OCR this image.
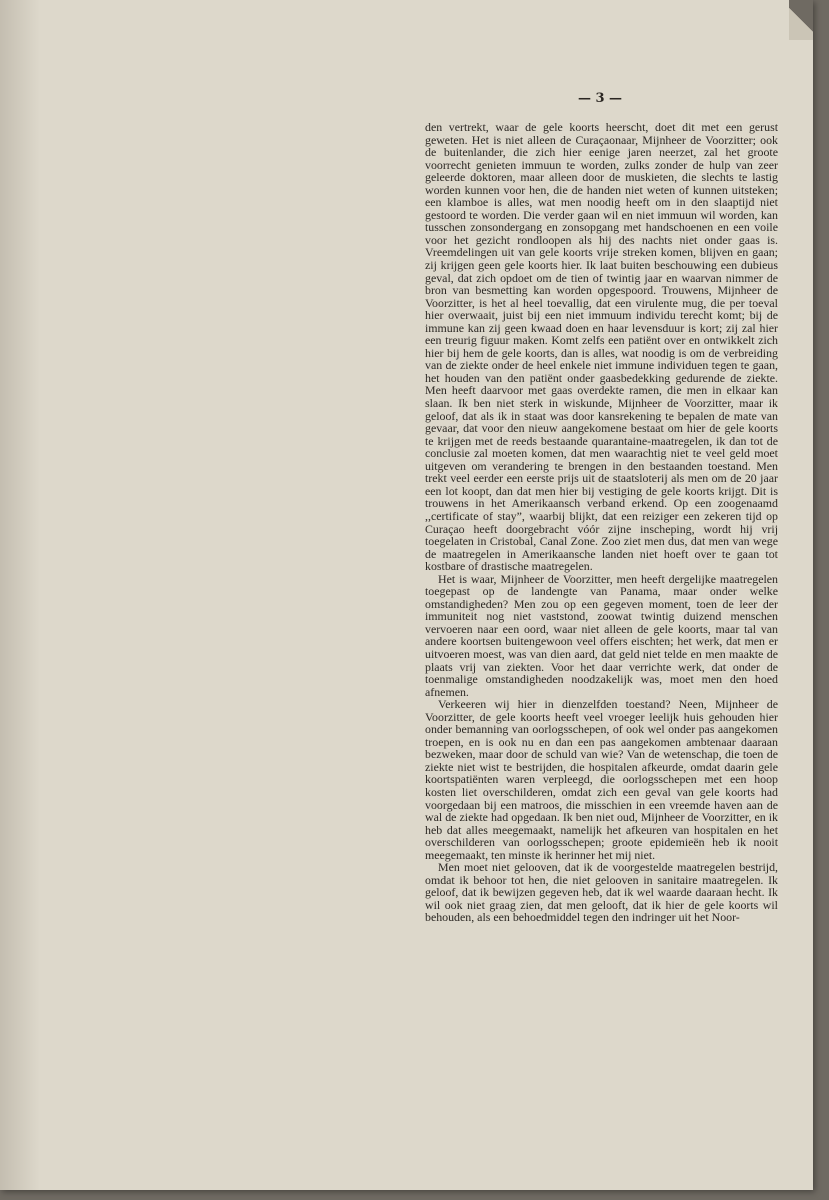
— 3 —

den vertrekt, waar de gele koorts heerscht, doet dit met een gerust geweten. Het is niet alleen de Curaçaonaar, Mijnheer de Voorzitter; ook de buitenlander, die zich hier eenige jaren neerzet, zal het groote voorrecht genieten immuun te worden, zulks zonder de hulp van zeer geleerde doktoren, maar alleen door de muskieten, die slechts te lastig worden kunnen voor hen, die de handen niet weten of kunnen uitsteken; een klamboe is alles, wat men noodig heeft om in den slaaptijd niet gestoord te worden. Die verder gaan wil en niet immuun wil worden, kan tusschen zonsondergang en zonsopgang met handschoenen en een voile voor het gezicht rondloopen als hij des nachts niet onder gaas is. Vreemdelingen uit van gele koorts vrije streken komen, blijven en gaan; zij krijgen geen gele koorts hier. Ik laat buiten beschouwing een dubieus geval, dat zich opdoet om de tien of twintig jaar en waarvan nimmer de bron van besmetting kan worden opgespoord. Trouwens, Mijnheer de Voorzitter, is het al heel toevallig, dat een virulente mug, die per toeval hier overwaait, juist bij een niet immuum individu terecht komt; bij de immune kan zij geen kwaad doen en haar levensduur is kort; zij zal hier een treurig figuur maken. Komt zelfs een patiënt over en ontwikkelt zich hier bij hem de gele koorts, dan is alles, wat noodig is om de verbreiding van de ziekte onder de heel enkele niet immune individuen tegen te gaan, het houden van den patiënt onder gaasbedekking gedurende de ziekte. Men heeft daarvoor met gaas overdekte ramen, die men in elkaar kan slaan. Ik ben niet sterk in wiskunde, Mijnheer de Voorzitter, maar ik geloof, dat als ik in staat was door kansrekening te bepalen de mate van gevaar, dat voor den nieuw aangekomene bestaat om hier de gele koorts te krijgen met de reeds bestaande quarantaine-maatregelen, ik dan tot de conclusie zal moeten komen, dat men waarachtig niet te veel geld moet uitgeven om verandering te brengen in den bestaanden toestand. Men trekt veel eerder een eerste prijs uit de staatsloterij als men om de 20 jaar een lot koopt, dan dat men hier bij vestiging de gele koorts krijgt. Dit is trouwens in het Amerikaansch verband erkend. Op een zoogenaamd ,,certificate of stay”, waarbij blijkt, dat een reiziger een zekeren tijd op Curaçao heeft doorgebracht vóór zijne inscheping, wordt hij vrij toegelaten in Cristobal, Canal Zone. Zoo ziet men dus, dat men van wege de maatregelen in Amerikaansche landen niet hoeft over te gaan tot kostbare of drastische maatregelen.

Het is waar, Mijnheer de Voorzitter, men heeft dergelijke maatregelen toegepast op de landengte van Panama, maar onder welke omstandigheden? Men zou op een gegeven moment, toen de leer der immuniteit nog niet vaststond, zoowat twintig duizend menschen vervoeren naar een oord, waar niet alleen de gele koorts, maar tal van andere koortsen buitengewoon veel offers eischten; het werk, dat men er uitvoeren moest, was van dien aard, dat geld niet telde en men maakte de plaats vrij van ziekten. Voor het daar verrichte werk, dat onder de toenmalige omstandigheden noodzakelijk was, moet men den hoed afnemen.

Verkeeren wij hier in dienzelfden toestand? Neen, Mijnheer de Voorzitter, de gele koorts heeft veel vroeger leelijk huis gehouden hier onder bemanning van oorlogsschepen, of ook wel onder pas aangekomen troepen, en is ook nu en dan een pas aangekomen ambtenaar daaraan bezweken, maar door de schuld van wie? Van de wetenschap, die toen de ziekte niet wist te bestrijden, die hospitalen afkeurde, omdat daarin gele koortspatiënten waren verpleegd, die oorlogsschepen met een hoop kosten liet overschilderen, omdat zich een geval van gele koorts had voorgedaan bij een matroos, die misschien in een vreemde haven aan de wal de ziekte had opgedaan. Ik ben niet oud, Mijnheer de Voorzitter, en ik heb dat alles meegemaakt, namelijk het afkeuren van hospitalen en het overschilderen van oorlogsschepen; groote epidemieën heb ik nooit meegemaakt, ten minste ik herinner het mij niet.

Men moet niet gelooven, dat ik de voorgestelde maatregelen bestrijd, omdat ik behoor tot hen, die niet gelooven in sanitaire maatregelen. Ik geloof, dat ik bewijzen gegeven heb, dat ik wel waarde daaraan hecht. Ik wil ook niet graag zien, dat men gelooft, dat ik hier de gele koorts wil behouden, als een behoedmiddel tegen den indringer uit het Noor-
